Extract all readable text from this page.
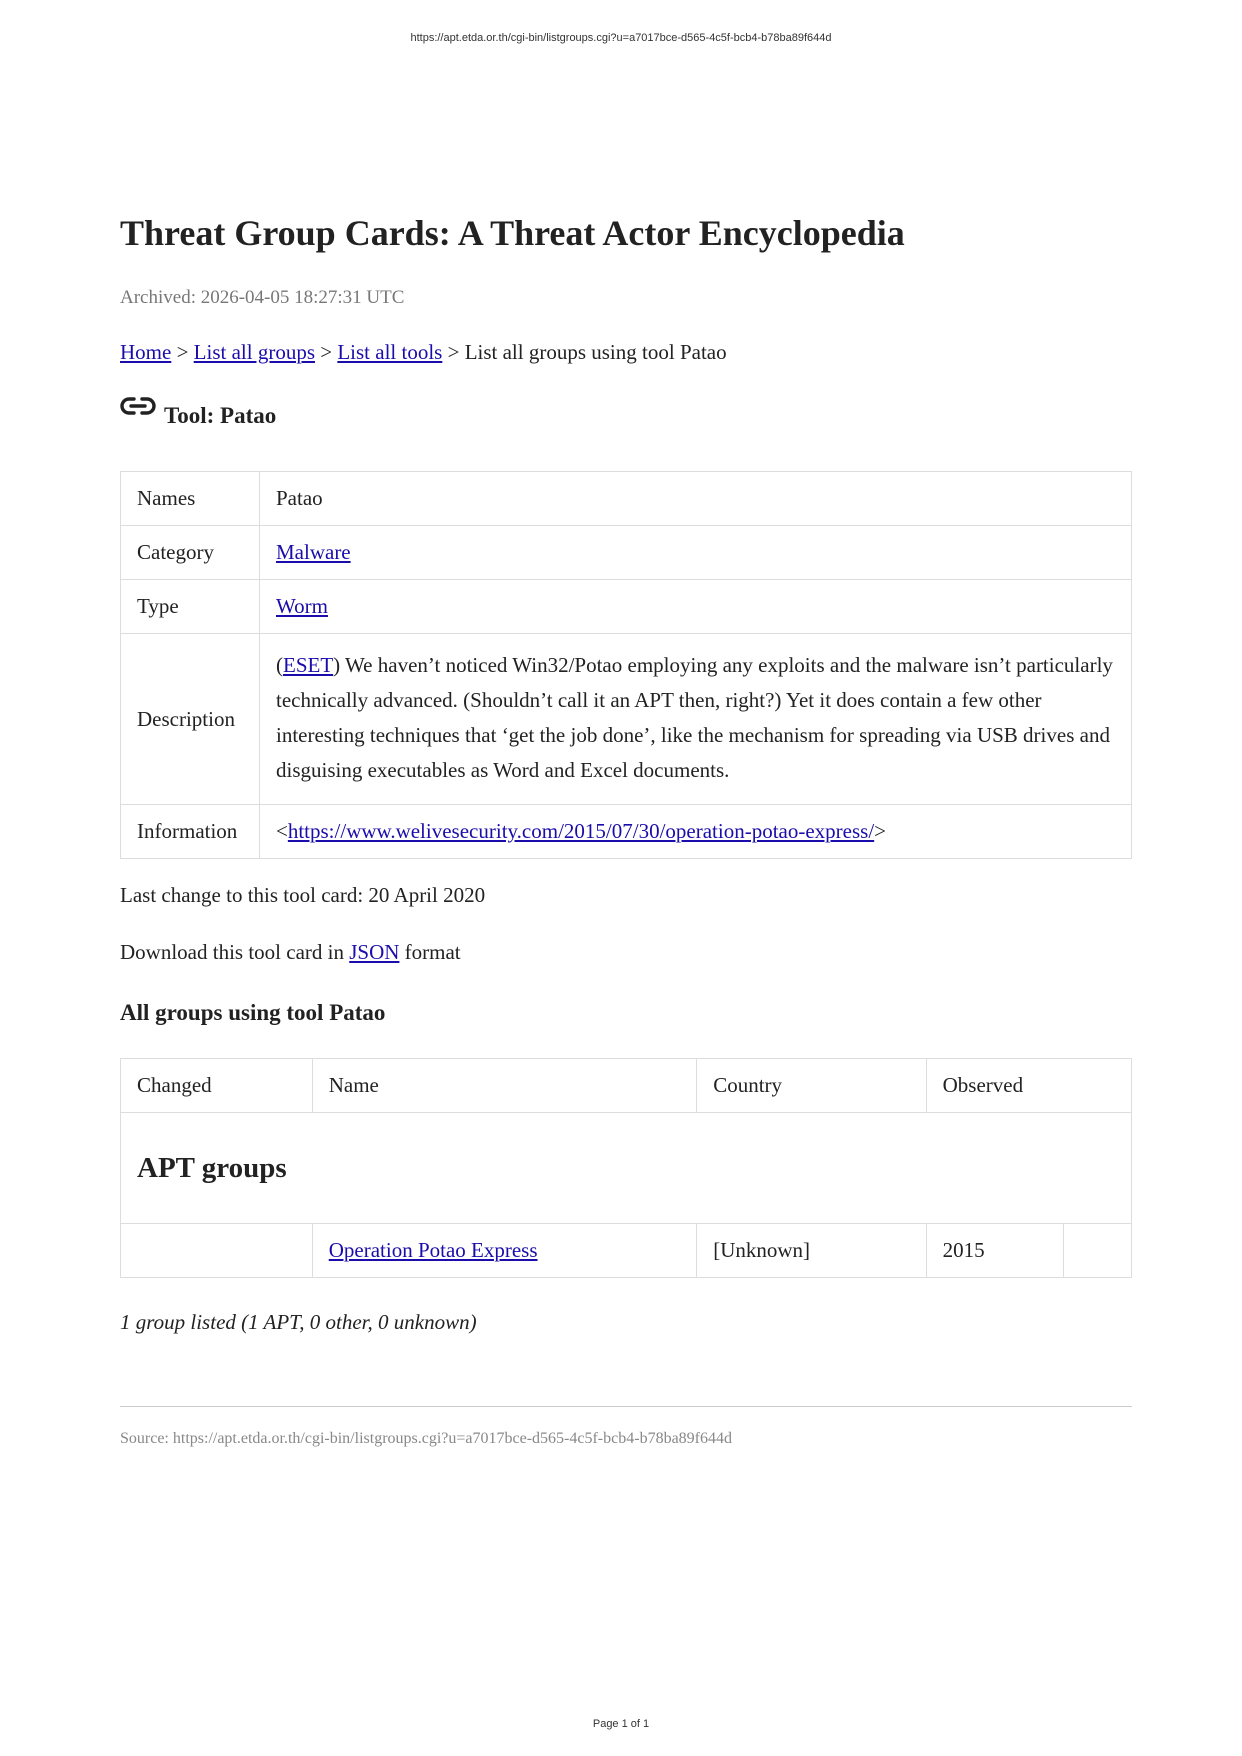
https://apt.etda.or.th/cgi-bin/listgroups.cgi?u=a7017bce-d565-4c5f-bcb4-b78ba89f644d
Threat Group Cards: A Threat Actor Encyclopedia
Archived: 2026-04-05 18:27:31 UTC
Home > List all groups > List all tools > List all groups using tool Patao
Tool: Patao
Names	Patao
Category	Malware
Type	Worm
Description	(ESET) We haven’t noticed Win32/Potao employing any exploits and the malware isn’t particularly technically advanced. (Shouldn’t call it an APT then, right?) Yet it does contain a few other interesting techniques that ‘get the job done’, like the mechanism for spreading via USB drives and disguising executables as Word and Excel documents.
Information	<https://www.welivesecurity.com/2015/07/30/operation-potao-express/>
Last change to this tool card: 20 April 2020
Download this tool card in JSON format
All groups using tool Patao
Changed	Name	Country	Observed	
APT groups				
	Operation Potao Express	[Unknown]	2015	
1 group listed (1 APT, 0 other, 0 unknown)
Source: https://apt.etda.or.th/cgi-bin/listgroups.cgi?u=a7017bce-d565-4c5f-bcb4-b78ba89f644d
Page 1 of 1
